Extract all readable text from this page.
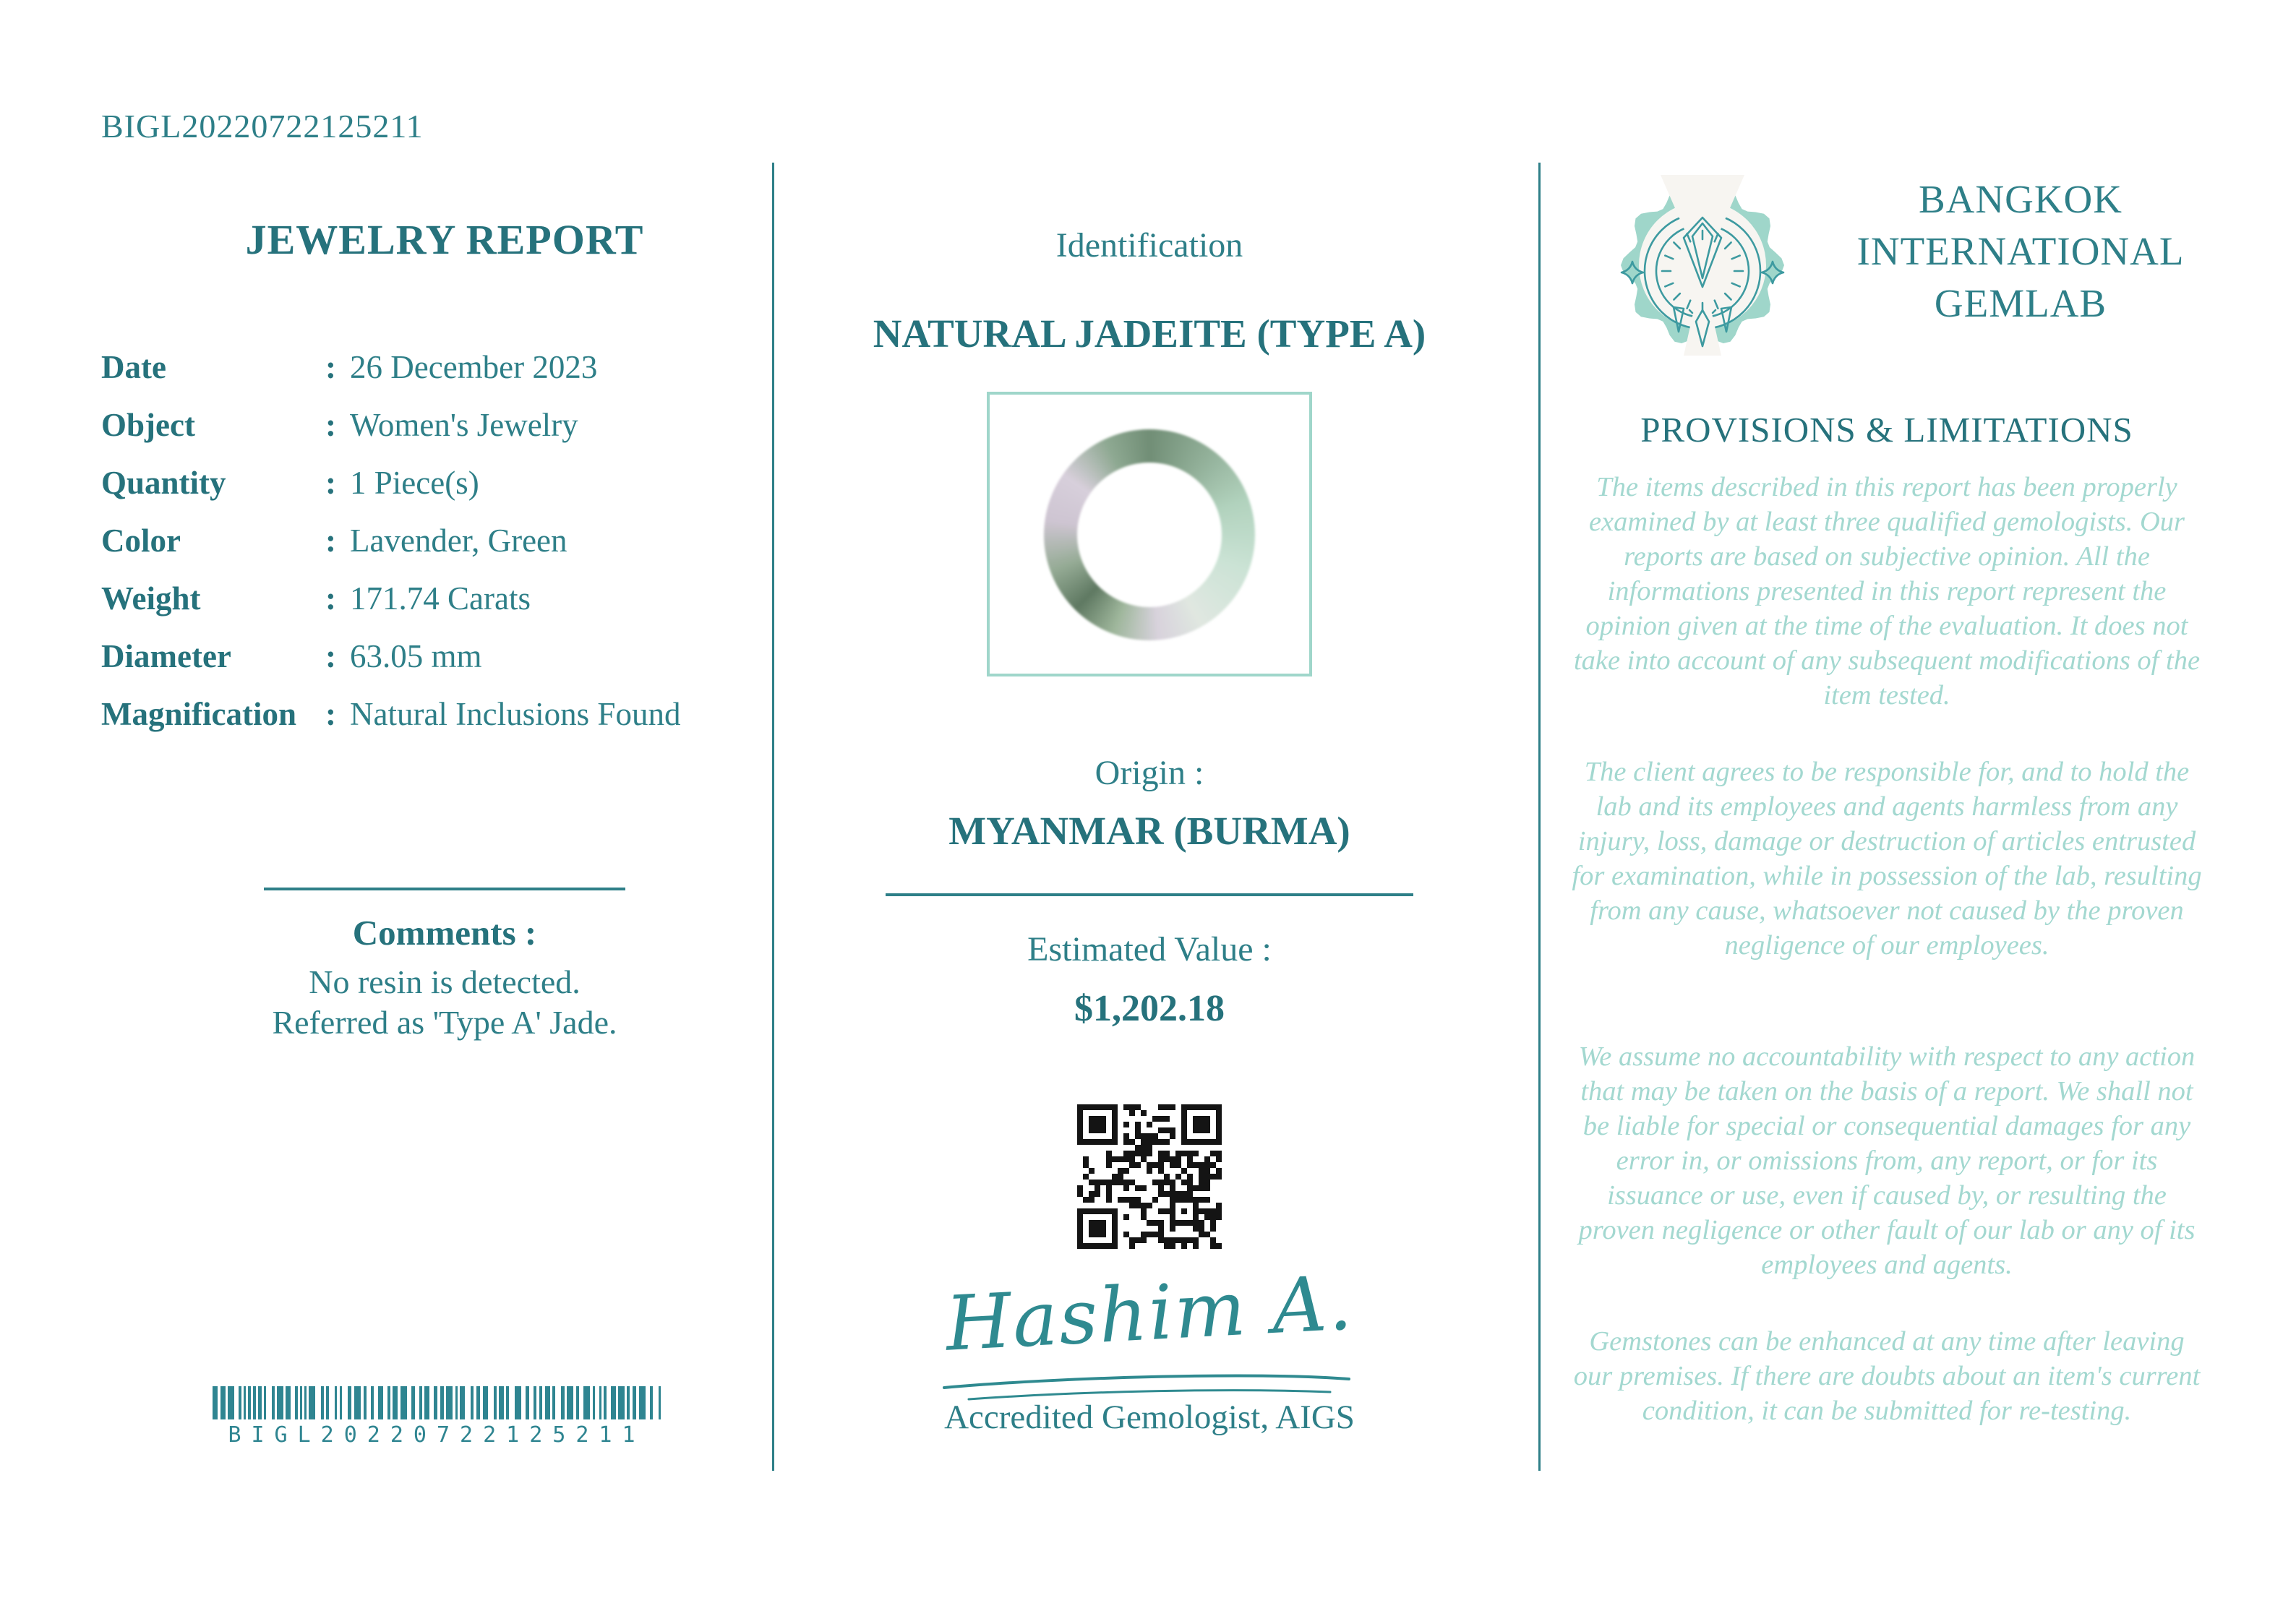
BIGL20220722125211
JEWELRY REPORT
Date	: 26 December 2023
Object	: Women's Jewelry
Quantity	: 1 Piece(s)
Color	: Lavender, Green
Weight	: 171.74 Carats
Diameter	: 63.05 mm
Magnification : Natural Inclusions Found
Comments :
No resin is detected.
Referred as 'Type A' Jade.
BIGL20220722125211
Identification
NATURAL JADEITE (TYPE A)
Origin :
MYANMAR (BURMA)
Estimated Value :
$1,202.18
Hashim A.
Accredited Gemologist, AIGS
BANGKOK
INTERNATIONAL
GEMLAB
PROVISIONS & LIMITATIONS
The items described in this report has been properly examined by at least three qualified gemologists. Our reports are based on subjective opinion. All the informations presented in this report represent the opinion given at the time of the evaluation. It does not take into account of any subsequent modifications of the item tested.
The client agrees to be responsible for, and to hold the lab and its employees and agents harmless from any injury, loss, damage or destruction of articles entrusted for examination, while in possession of the lab, resulting from any cause, whatsoever not caused by the proven negligence of our employees.
We assume no accountability with respect to any action that may be taken on the basis of a report. We shall not be liable for special or consequential damages for any error in, or omissions from, any report, or for its issuance or use, even if caused by, or resulting the proven negligence or other fault of our lab or any of its employees and agents.
Gemstones can be enhanced at any time after leaving our premises. If there are doubts about an item's current condition, it can be submitted for re-testing.
